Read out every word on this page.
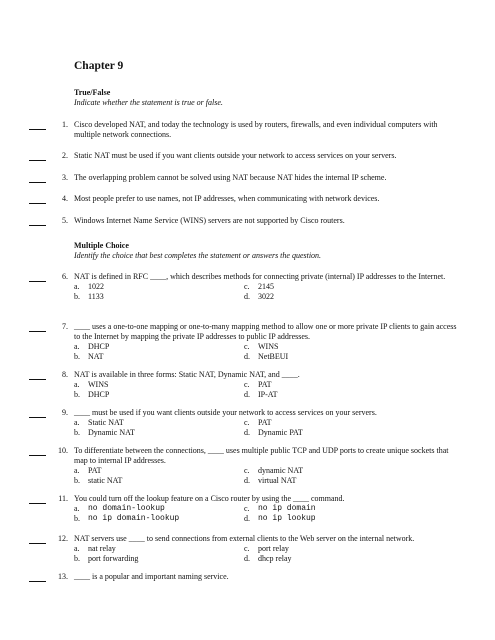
Chapter 9
True/False
Indicate whether the statement is true or false.
Multiple Choice
Identify the choice that best completes the statement or answers the question.
1. Cisco developed NAT, and today the technology is used by routers, firewalls, and even individual computers with multiple network connections.
2. Static NAT must be used if you want clients outside your network to access services on your servers.
3. The overlapping problem cannot be solved using NAT because NAT hides the internal IP scheme.
4. Most people prefer to use names, not IP addresses, when communicating with network devices.
5. Windows Internet Name Service (WINS) servers are not supported by Cisco routers.
6. NAT is defined in RFC ____, which describes methods for connecting private (internal) IP addresses to the Internet.
a.	1022	c.	2145
b.	1133	d.	3022
7. ____ uses a one-to-one mapping or one-to-many mapping method to allow one or more private IP clients to gain access to the Internet by mapping the private IP addresses to public IP addresses.
a.	DHCP	c.	WINS
b.	NAT	d.	NetBEUI
8. NAT is available in three forms: Static NAT, Dynamic NAT, and ____.
a.	WINS	c.	PAT
b.	DHCP	d.	IP-AT
9. ____ must be used if you want clients outside your network to access services on your servers.
a.	Static NAT	c.	PAT
b.	Dynamic NAT	d.	Dynamic PAT
10. To differentiate between the connections, ____ uses multiple public TCP and UDP ports to create unique sockets that map to internal IP addresses.
a.	PAT	c.	dynamic NAT
b.	static NAT	d.	virtual NAT
11. You could turn off the lookup feature on a Cisco router by using the ____ command.
a.	no domain-lookup	c.	no ip domain
b.	no ip domain-lookup	d.	no ip lookup
12. NAT servers use ____ to send connections from external clients to the Web server on the internal network.
a.	nat relay	c.	port relay
b.	port forwarding	d.	dhcp relay
13. ____ is a popular and important naming service.
